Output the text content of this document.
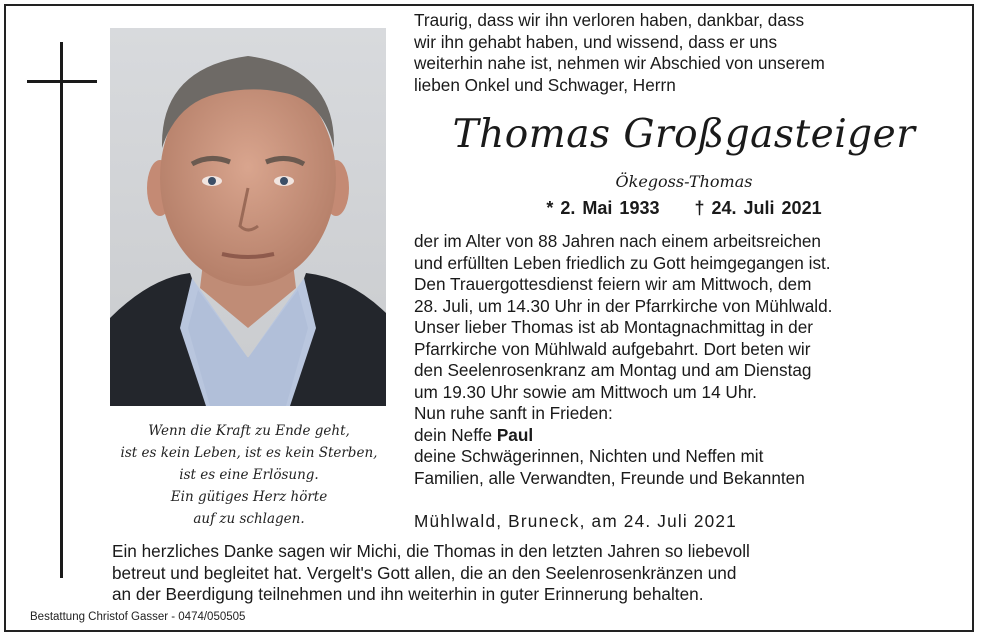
Wenn die Kraft zu Ende geht,
ist es kein Leben, ist es kein Sterben,
ist es eine Erlösung.
Ein gütiges Herz hörte
auf zu schlagen.
Traurig, dass wir ihn verloren haben, dankbar, dass
wir ihn gehabt haben, und wissend, dass er uns
weiterhin nahe ist, nehmen wir Abschied von unserem
lieben Onkel und Schwager, Herrn
Thomas Großgasteiger
Ökegoss-Thomas
* 2. Mai 1933 † 24. Juli 2021
der im Alter von 88 Jahren nach einem arbeitsreichen
und erfüllten Leben friedlich zu Gott heimgegangen ist.
Den Trauergottesdienst feiern wir am Mittwoch, dem
28. Juli, um 14.30 Uhr in der Pfarrkirche von Mühlwald.
Unser lieber Thomas ist ab Montagnachmittag in der
Pfarrkirche von Mühlwald aufgebahrt. Dort beten wir
den Seelenrosenkranz am Montag und am Dienstag
um 19.30 Uhr sowie am Mittwoch um 14 Uhr.
Nun ruhe sanft in Frieden:
dein Neffe Paul
deine Schwägerinnen, Nichten und Neffen mit
Familien, alle Verwandten, Freunde und Bekannten
Mühlwald, Bruneck, am 24. Juli 2021
Ein herzliches Danke sagen wir Michi, die Thomas in den letzten Jahren so liebevoll
betreut und begleitet hat. Vergelt's Gott allen, die an den Seelenrosenkränzen und
an der Beerdigung teilnehmen und ihn weiterhin in guter Erinnerung behalten.
Bestattung Christof Gasser - 0474/050505
